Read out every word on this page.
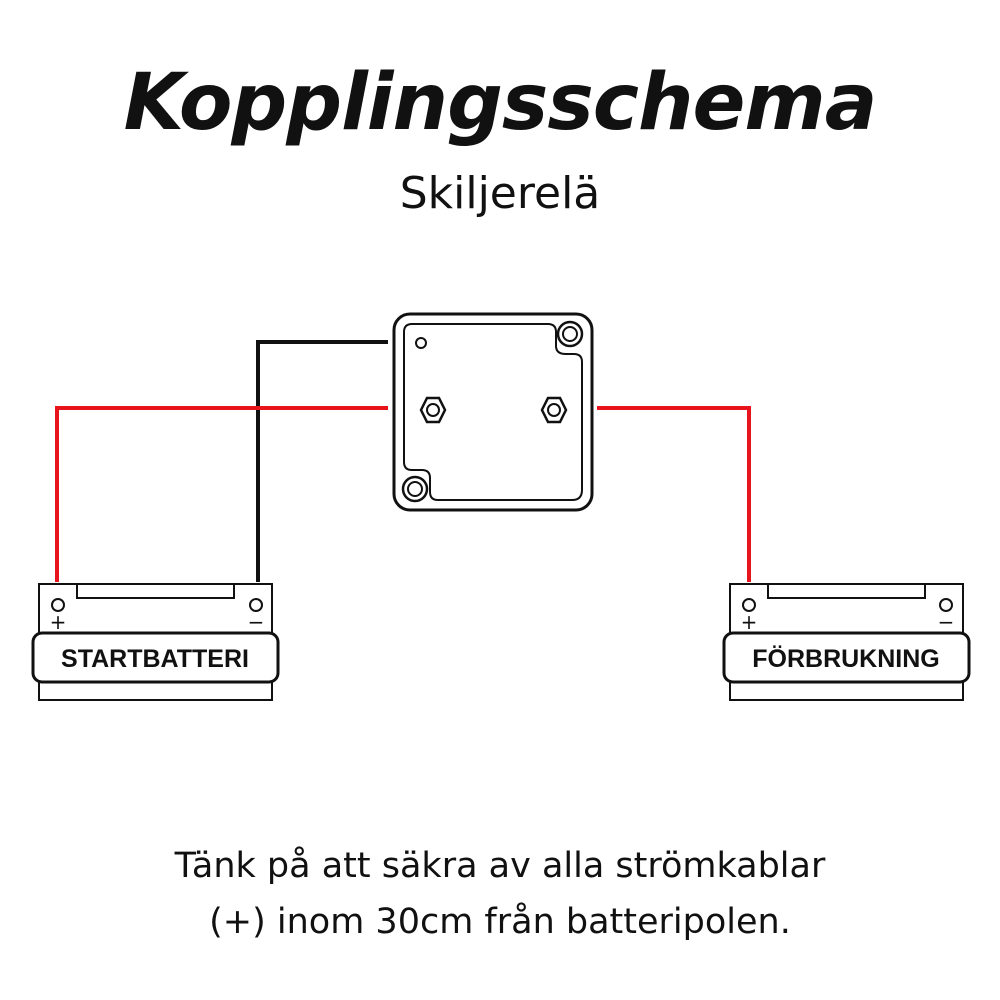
Kopplingsschema
Skiljerelä
+	−
STARTBATTERI
+	−
FÖRBRUKNING
Tänk på att säkra av alla strömkablar
(+) inom 30cm från batteripolen.
